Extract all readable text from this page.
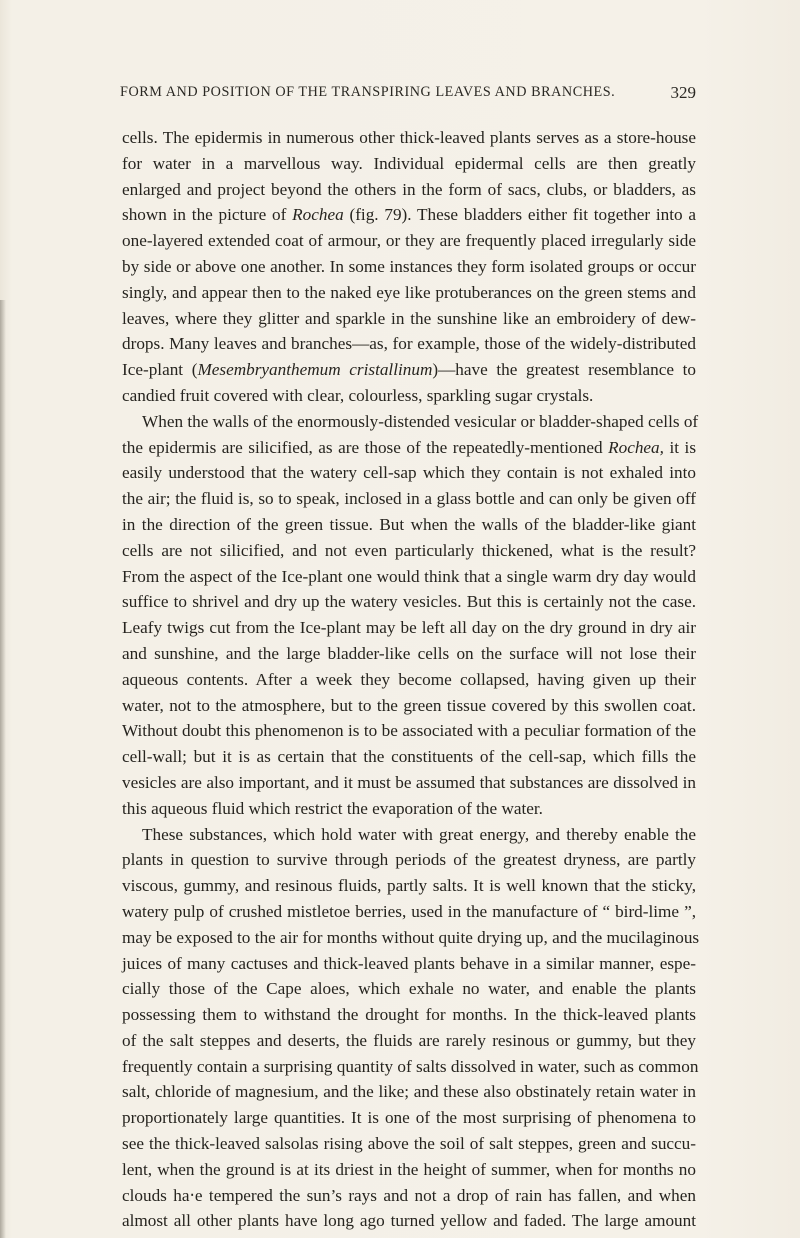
FORM AND POSITION OF THE TRANSPIRING LEAVES AND BRANCHES.	329
cells. The epidermis in numerous other thick-leaved plants serves as a store-house
for water in a marvellous way. Individual epidermal cells are then greatly
enlarged and project beyond the others in the form of sacs, clubs, or bladders, as
shown in the picture of Rochea (fig. 79). These bladders either fit together into a
one-layered extended coat of armour, or they are frequently placed irregularly side
by side or above one another. In some instances they form isolated groups or occur
singly, and appear then to the naked eye like protuberances on the green stems and
leaves, where they glitter and sparkle in the sunshine like an embroidery of dew-
drops. Many leaves and branches—as, for example, those of the widely-distributed
Ice-plant (Mesembryanthemum cristallinum)—have the greatest resemblance to
candied fruit covered with clear, colourless, sparkling sugar crystals.
When the walls of the enormously-distended vesicular or bladder-shaped cells of
the epidermis are silicified, as are those of the repeatedly-mentioned Rochea, it is
easily understood that the watery cell-sap which they contain is not exhaled into
the air; the fluid is, so to speak, inclosed in a glass bottle and can only be given off
in the direction of the green tissue. But when the walls of the bladder-like giant
cells are not silicified, and not even particularly thickened, what is the result?
From the aspect of the Ice-plant one would think that a single warm dry day would
suffice to shrivel and dry up the watery vesicles. But this is certainly not the case.
Leafy twigs cut from the Ice-plant may be left all day on the dry ground in dry air
and sunshine, and the large bladder-like cells on the surface will not lose their
aqueous contents. After a week they become collapsed, having given up their
water, not to the atmosphere, but to the green tissue covered by this swollen coat.
Without doubt this phenomenon is to be associated with a peculiar formation of the
cell-wall; but it is as certain that the constituents of the cell-sap, which fills the
vesicles are also important, and it must be assumed that substances are dissolved in
this aqueous fluid which restrict the evaporation of the water.
These substances, which hold water with great energy, and thereby enable the
plants in question to survive through periods of the greatest dryness, are partly
viscous, gummy, and resinous fluids, partly salts. It is well known that the sticky,
watery pulp of crushed mistletoe berries, used in the manufacture of “ bird-lime ”,
may be exposed to the air for months without quite drying up, and the mucilaginous
juices of many cactuses and thick-leaved plants behave in a similar manner, espe-
cially those of the Cape aloes, which exhale no water, and enable the plants
possessing them to withstand the drought for months. In the thick-leaved plants
of the salt steppes and deserts, the fluids are rarely resinous or gummy, but they
frequently contain a surprising quantity of salts dissolved in water, such as common
salt, chloride of magnesium, and the like; and these also obstinately retain water in
proportionately large quantities. It is one of the most surprising of phenomena to
see the thick-leaved salsolas rising above the soil of salt steppes, green and succu-
lent, when the ground is at its driest in the height of summer, when for months no
clouds ha‧e tempered the sun’s rays and not a drop of rain has fallen, and when
almost all other plants have long ago turned yellow and faded. The large amount
